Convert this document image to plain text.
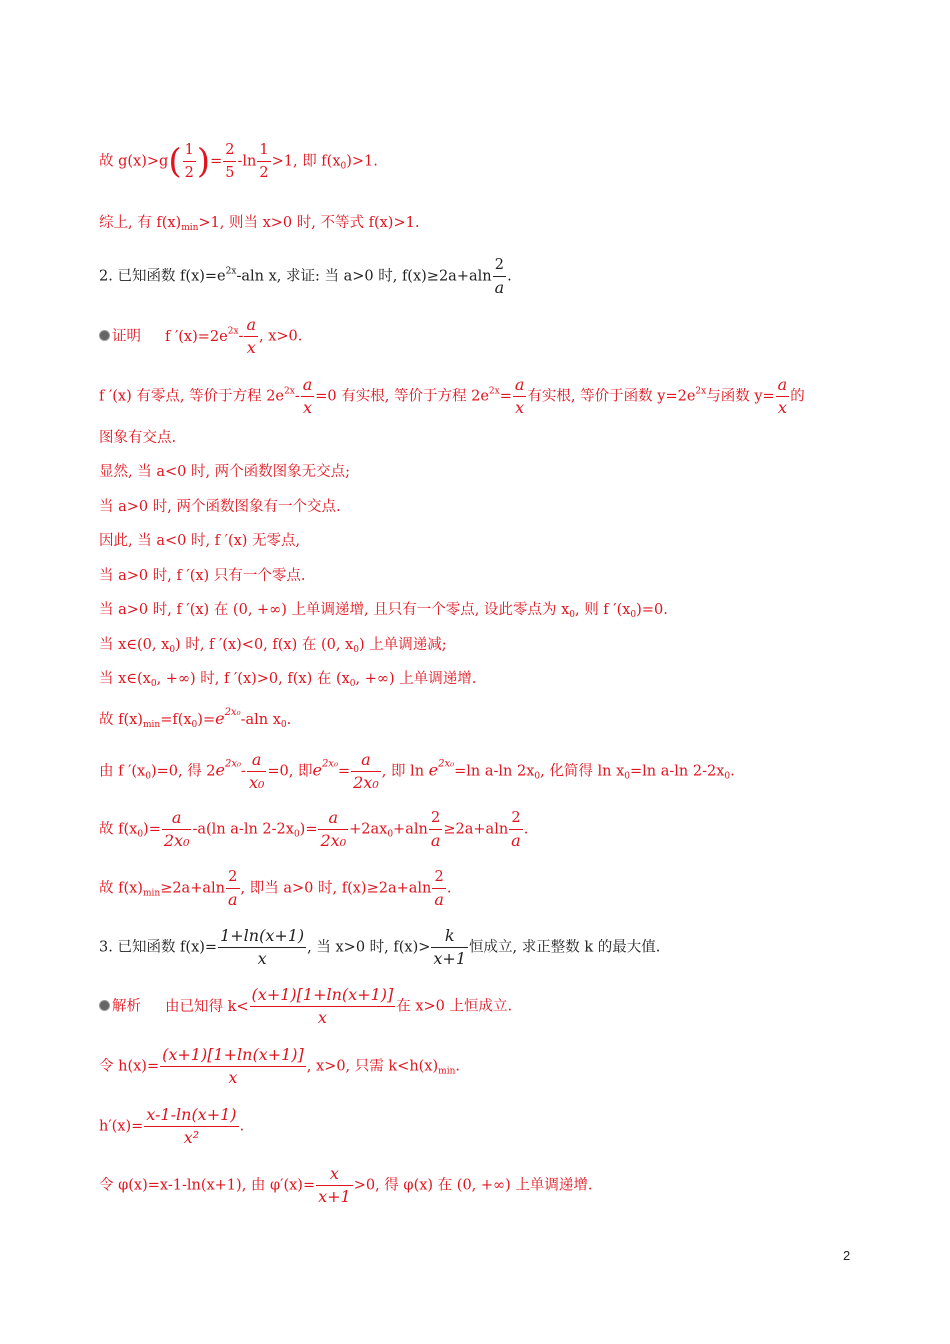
故 $g(x)>g( \frac{1}{2}$ )= $\frac{2}{5} -\ln \frac{1}{2} >1$, 即 $f(x_0)>1$.
综上, 有 $f(x)_{min}>1$, 则当 x>0 时, 不等式 f(x)>1.
2. 已知函数 $f(x)=e^{2x}$-aln x, 求证: 当 a>0 时, $f(x)\ge 2a+aln \frac{2}{a}$ .
证明 f $'(x)=2e^{2x}- \frac{a}{x}$ , x>0.
f ′(x) 有零点, 等价于方程 $2e^{2x}- \frac{a}{x} =0$ 有实根, 等价于方程 $2e^{2x}= \frac{a}{x}$ 有实根, 等价于函数 $y=2e^{2x}$与函数 $y= \frac{a}{x}$ 的
图象有交点.
显然, 当 a<0 时, 两个函数图象无交点;
当 a>0 时, 两个函数图象有一个交点.
因此, 当 a<0 时, f ′(x) 无零点,
当 a>0 时, f ′(x) 只有一个零点.
当 a>0 时, f ′(x) 在 (0, +∞) 上单调递增, 且只有一个零点, 设此零点为 $x_0$, 则 f $'(x_0)=0$.
当 x∈(0, $x_0$) 时, f ′(x)<0, f(x) 在 (0, $x_0$) 上单调递减;
当 $x\in(x_0$, +∞) 时, f ′(x)>0, f(x) 在 ($x_0$, +∞) 上单调递增.
故 $f(x)_{min}=f(x_0)=e^{2x_0}$-aln $x_0$.
由 f $'(x_0)=0$, 得 $2e^{2x_0}- \frac{a}{\text{x₀}} =0$, 即$e^{2x_0}= \frac{a}{\text{2x₀}}$ , 即 $\ln e^{2x_0}=\ln$ a-ln $2x_0$, 化简得 $\ln x_0=\ln$ a-ln $2-2x_0$.
故 $f(x_0)= \frac{a}{\text{2x₀}} -a(\ln$ a-ln $2-2x_0)= \frac{a}{\text{2x₀}} +2ax_0+aln \frac{2}{a} \ge 2a+aln \frac{2}{a}$ .
故 $f(x)_{min}\ge 2a+aln \frac{2}{a}$ , 即当 a>0 时, $f(x)\ge 2a+aln \frac{2}{a}$ .
3. 已知函数 $f(x)= \frac{1+\ln(x+1)}{x}$ , 当 x>0 时, $f(x)> \frac{k}{x+1}$ 恒成立, 求正整数 k 的最大值.
解析 由已知得 $k< \frac{(x+1)[1+\ln(x+1)]}{x}$ 在 x>0 上恒成立.
令 $h(x)= \frac{(x+1)[1+\ln(x+1)]}{x}$ , x>0, 只需 $k<h(x)_{min}$.
$h'(x)= \frac{x-1-\ln(x+1)}{\text{x²}}$ .
令 φ(x)=x-1-ln(x+1), 由 $\varphi'(x)= \frac{x}{x+1} >0$, 得 φ(x) 在 (0, +∞) 上单调递增.
2
